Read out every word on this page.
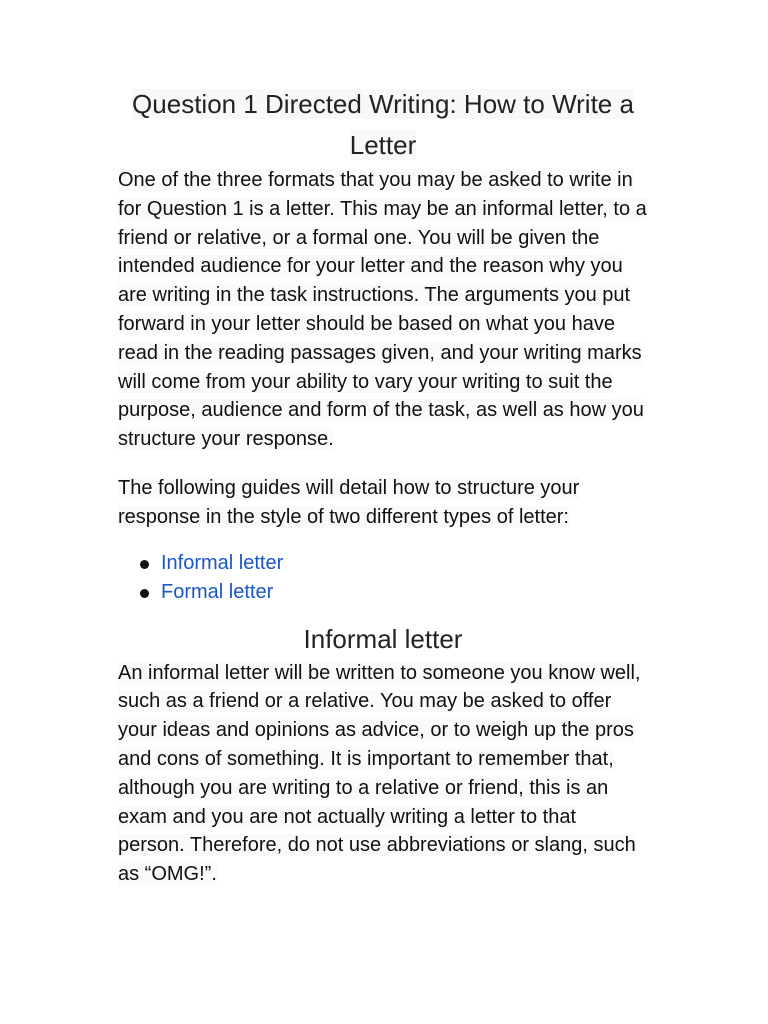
Question 1 Directed Writing: How to Write a Letter

One of the three formats that you may be asked to write in for Question 1 is a letter. This may be an informal letter, to a friend or relative, or a formal one. You will be given the intended audience for your letter and the reason why you are writing in the task instructions. The arguments you put forward in your letter should be based on what you have read in the reading passages given, and your writing marks will come from your ability to vary your writing to suit the purpose, audience and form of the task, as well as how you structure your response.

The following guides will detail how to structure your response in the style of two different types of letter:

Informal letter
Formal letter
Informal letter

An informal letter will be written to someone you know well, such as a friend or a relative. You may be asked to offer your ideas and opinions as advice, or to weigh up the pros and cons of something. It is important to remember that, although you are writing to a relative or friend, this is an exam and you are not actually writing a letter to that person. Therefore, do not use abbreviations or slang, such as “OMG!”.
